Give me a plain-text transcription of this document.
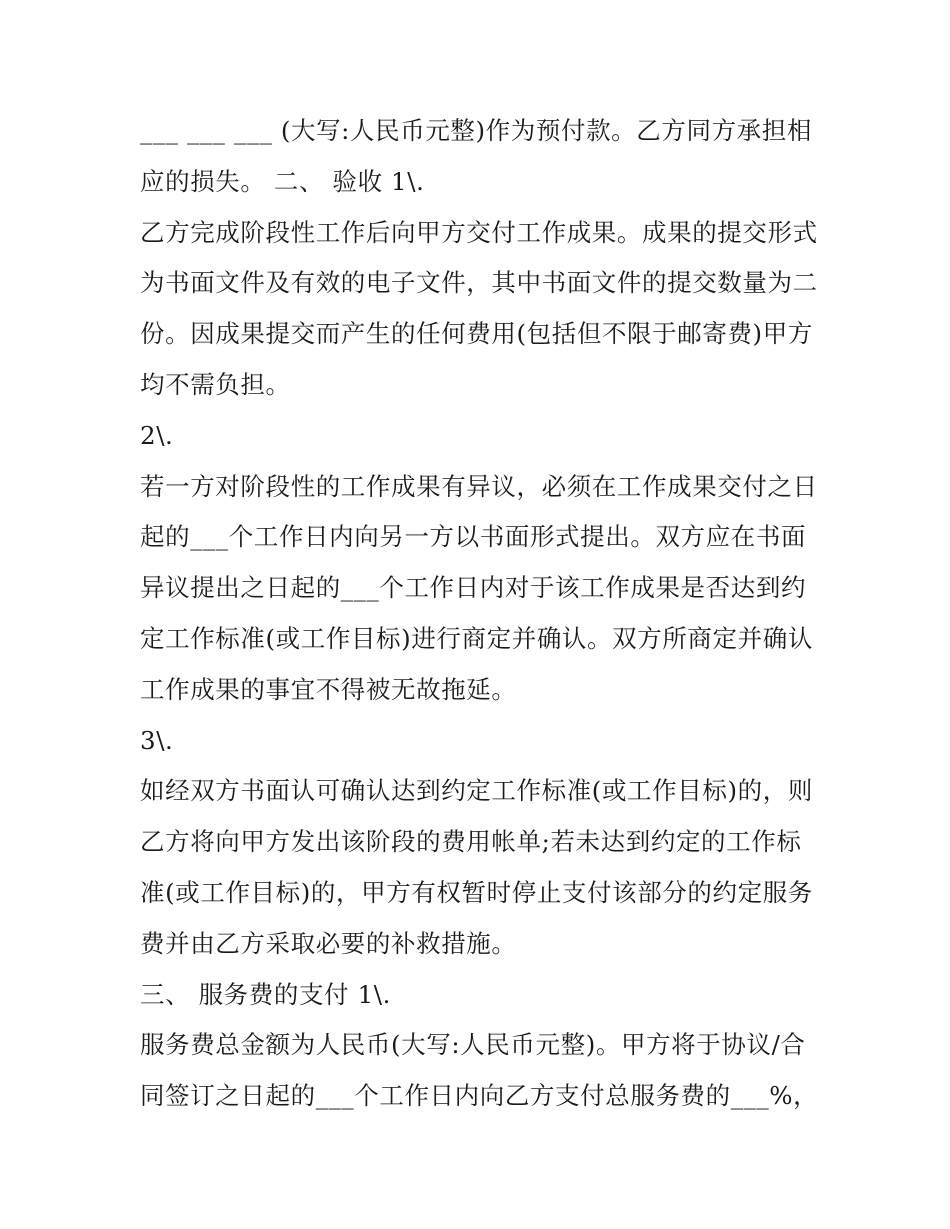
___ ___ ___ (大写:人民币元整)作为预付款。乙方同方承担相
应的损失。 二、 验收 1\.
乙方完成阶段性工作后向甲方交付工作成果。成果的提交形式
为书面文件及有效的电子文件，其中书面文件的提交数量为二
份。因成果提交而产生的任何费用(包括但不限于邮寄费)甲方
均不需负担。
2\.
若一方对阶段性的工作成果有异议，必须在工作成果交付之日
起的___个工作日内向另一方以书面形式提出。双方应在书面
异议提出之日起的___个工作日内对于该工作成果是否达到约
定工作标准(或工作目标)进行商定并确认。双方所商定并确认
工作成果的事宜不得被无故拖延。
3\.
如经双方书面认可确认达到约定工作标准(或工作目标)的，则
乙方将向甲方发出该阶段的费用帐单;若未达到约定的工作标
准(或工作目标)的，甲方有权暂时停止支付该部分的约定服务
费并由乙方采取必要的补救措施。
三、 服务费的支付 1\.
服务费总金额为人民币(大写:人民币元整)。甲方将于协议/合
同签订之日起的___个工作日内向乙方支付总服务费的___%，
